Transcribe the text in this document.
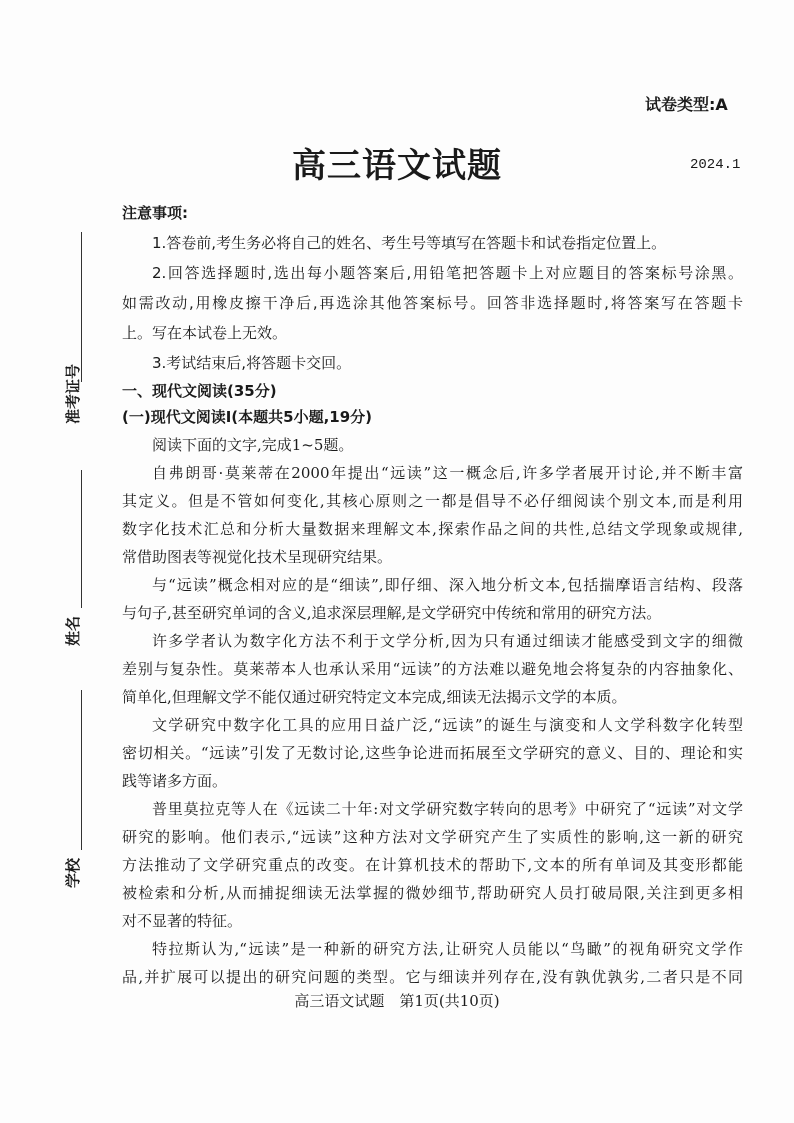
试卷类型:A
高三语文试题	2024.1
准考证号
姓名
学校
注意事项:
1.答卷前,考生务必将自己的姓名、考生号等填写在答题卡和试卷指定位置上。
2.回答选择题时,选出每小题答案后,用铅笔把答题卡上对应题目的答案标号涂黑。
如需改动,用橡皮擦干净后,再选涂其他答案标号。回答非选择题时,将答案写在答题卡
上。写在本试卷上无效。
3.考试结束后,将答题卡交回。
一、现代文阅读(35分)
(一)现代文阅读Ⅰ(本题共5小题,19分)
阅读下面的文字,完成1~5题。
自弗朗哥·莫莱蒂在2000年提出“远读”这一概念后,许多学者展开讨论,并不断丰富
其定义。但是不管如何变化,其核心原则之一都是倡导不必仔细阅读个别文本,而是利用
数字化技术汇总和分析大量数据来理解文本,探索作品之间的共性,总结文学现象或规律,
常借助图表等视觉化技术呈现研究结果。
与“远读”概念相对应的是“细读”,即仔细、深入地分析文本,包括揣摩语言结构、段落
与句子,甚至研究单词的含义,追求深层理解,是文学研究中传统和常用的研究方法。
许多学者认为数字化方法不利于文学分析,因为只有通过细读才能感受到文字的细微
差别与复杂性。莫莱蒂本人也承认采用“远读”的方法难以避免地会将复杂的内容抽象化、
简单化,但理解文学不能仅通过研究特定文本完成,细读无法揭示文学的本质。
文学研究中数字化工具的应用日益广泛,“远读”的诞生与演变和人文学科数字化转型
密切相关。“远读”引发了无数讨论,这些争论进而拓展至文学研究的意义、目的、理论和实
践等诸多方面。
普里莫拉克等人在《远读二十年:对文学研究数字转向的思考》中研究了“远读”对文学
研究的影响。他们表示,“远读”这种方法对文学研究产生了实质性的影响,这一新的研究
方法推动了文学研究重点的改变。在计算机技术的帮助下,文本的所有单词及其变形都能
被检索和分析,从而捕捉细读无法掌握的微妙细节,帮助研究人员打破局限,关注到更多相
对不显著的特征。
特拉斯认为,“远读”是一种新的研究方法,让研究人员能以“鸟瞰”的视角研究文学作
品,并扩展可以提出的研究问题的类型。它与细读并列存在,没有孰优孰劣,二者只是不同
高三语文试题　第1页(共10页)
